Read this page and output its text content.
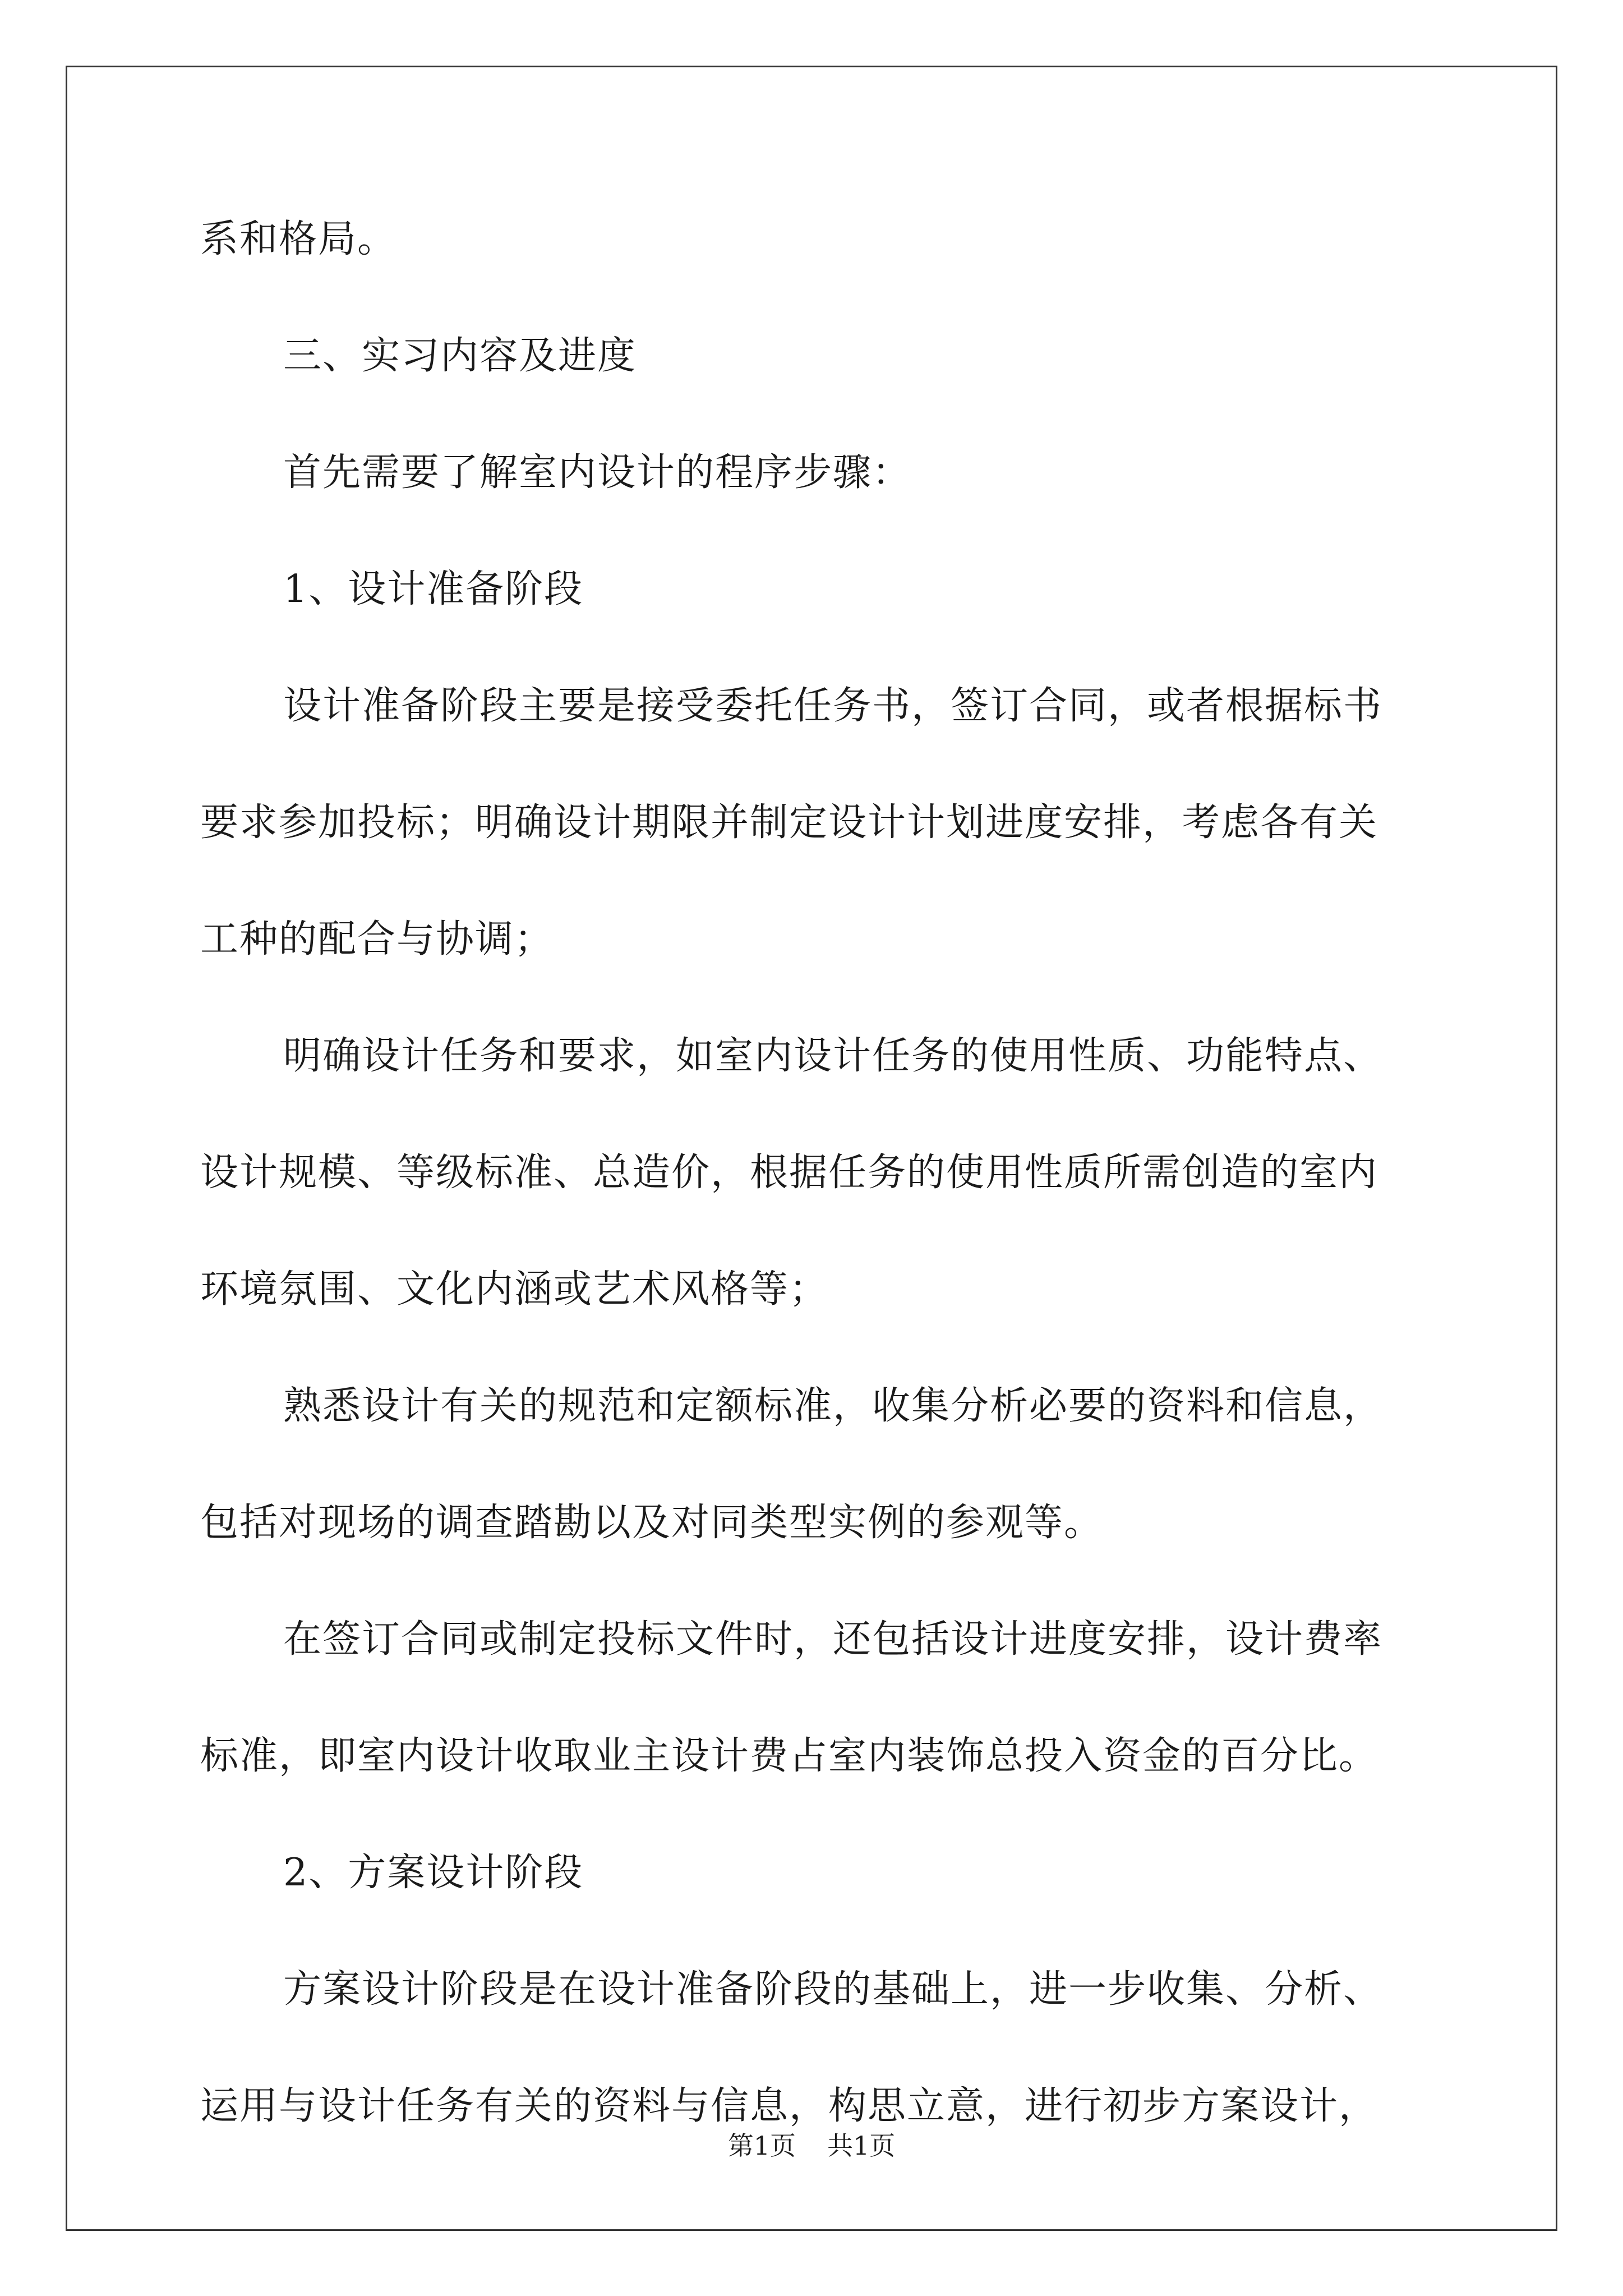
系和格局。
三、实习内容及进度
首先需要了解室内设计的程序步骤：
1、设计准备阶段
设计准备阶段主要是接受委托任务书，签订合同，或者根据标书
要求参加投标；明确设计期限并制定设计计划进度安排，考虑各有关
工种的配合与协调；
明确设计任务和要求，如室内设计任务的使用性质、功能特点、
设计规模、等级标准、总造价，根据任务的使用性质所需创造的室内
环境氛围、文化内涵或艺术风格等；
熟悉设计有关的规范和定额标准，收集分析必要的资料和信息，
包括对现场的调查踏勘以及对同类型实例的参观等。
在签订合同或制定投标文件时，还包括设计进度安排，设计费率
标准，即室内设计收取业主设计费占室内装饰总投入资金的百分比。
2、方案设计阶段
方案设计阶段是在设计准备阶段的基础上，进一步收集、分析、
运用与设计任务有关的资料与信息，构思立意，进行初步方案设计，
第1页 共1页
